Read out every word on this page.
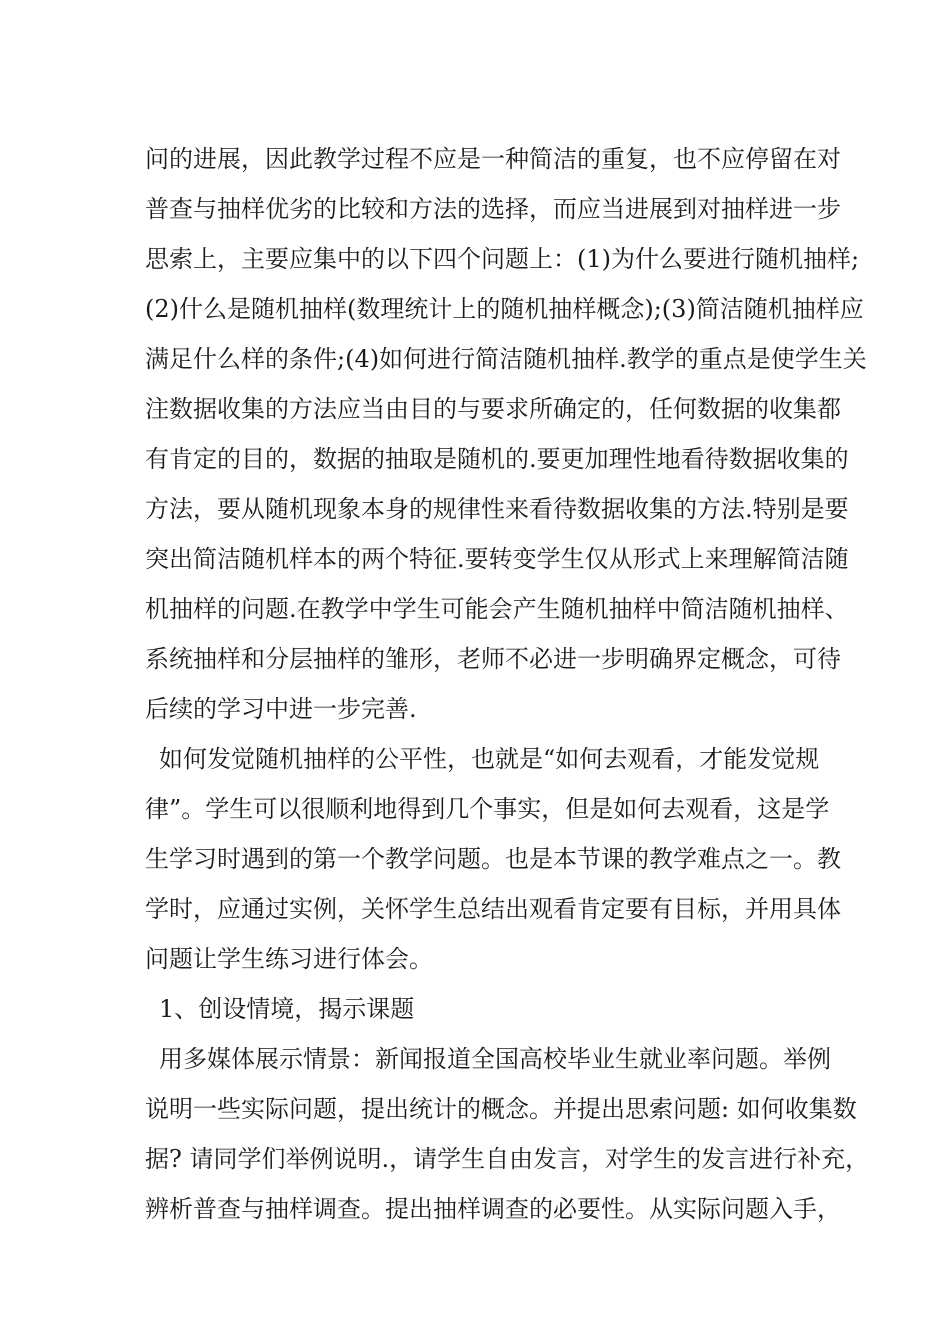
问的进展，因此教学过程不应是一种简洁的重复，也不应停留在对
普查与抽样优劣的比较和方法的选择，而应当进展到对抽样进一步
思索上，主要应集中的以下四个问题上：(1)为什么要进行随机抽样;
(2)什么是随机抽样(数理统计上的随机抽样概念);(3)简洁随机抽样应
满足什么样的条件;(4)如何进行简洁随机抽样.教学的重点是使学生关
注数据收集的方法应当由目的与要求所确定的，任何数据的收集都
有肯定的目的，数据的抽取是随机的.要更加理性地看待数据收集的
方法，要从随机现象本身的规律性来看待数据收集的方法.特别是要
突出简洁随机样本的两个特征.要转变学生仅从形式上来理解简洁随
机抽样的问题.在教学中学生可能会产生随机抽样中简洁随机抽样、
系统抽样和分层抽样的雏形，老师不必进一步明确界定概念，可待
后续的学习中进一步完善.
如何发觉随机抽样的公平性，也就是“如何去观看，才能发觉规
律”。学生可以很顺利地得到几个事实，但是如何去观看，这是学
生学习时遇到的第一个教学问题。也是本节课的教学难点之一。教
学时，应通过实例，关怀学生总结出观看肯定要有目标，并用具体
问题让学生练习进行体会。
1、创设情境，揭示课题
用多媒体展示情景：新闻报道全国高校毕业生就业率问题。举例
说明一些实际问题，提出统计的概念。并提出思索问题: 如何收集数
据? 请同学们举例说明.，请学生自由发言，对学生的发言进行补充，
辨析普查与抽样调查。提出抽样调查的必要性。从实际问题入手，
